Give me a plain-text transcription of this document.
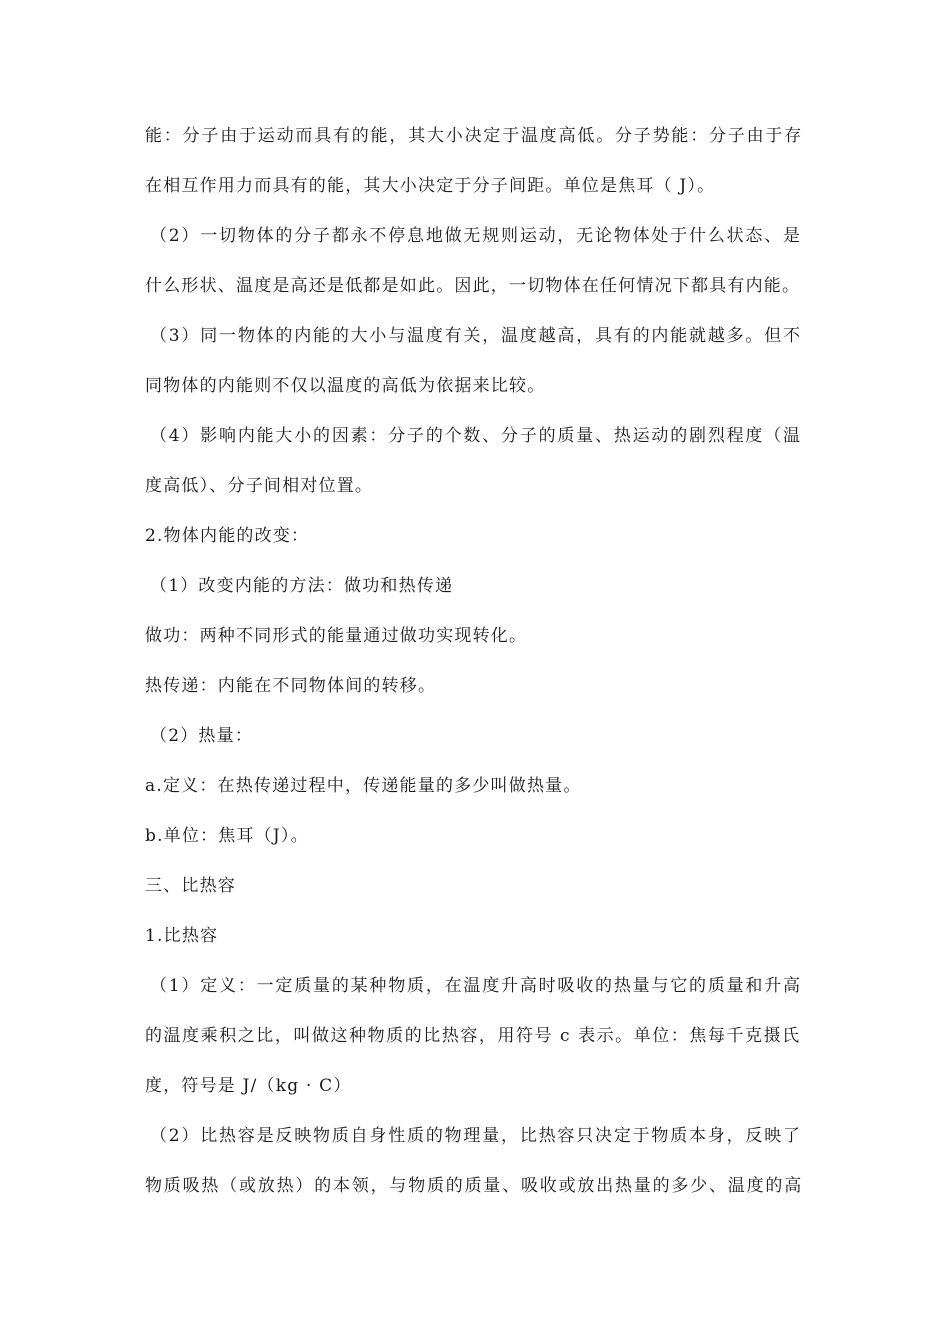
能：分子由于运动而具有的能，其大小决定于温度高低。分子势能：分子由于存
在相互作用力而具有的能，其大小决定于分子间距。单位是焦耳（ J）。
（2）一切物体的分子都永不停息地做无规则运动，无论物体处于什么状态、是
什么形状、温度是高还是低都是如此。因此，一切物体在任何情况下都具有内能。
（3）同一物体的内能的大小与温度有关，温度越高，具有的内能就越多。但不
同物体的内能则不仅以温度的高低为依据来比较。
（4）影响内能大小的因素：分子的个数、分子的质量、热运动的剧烈程度（温
度高低）、分子间相对位置。
2.物体内能的改变：
（1）改变内能的方法：做功和热传递
做功：两种不同形式的能量通过做功实现转化。
热传递：内能在不同物体间的转移。
（2）热量：
a.定义：在热传递过程中，传递能量的多少叫做热量。
b.单位：焦耳（J）。
三、比热容
1.比热容
（1）定义：一定质量的某种物质，在温度升高时吸收的热量与它的质量和升高
的温度乘积之比，叫做这种物质的比热容，用符号 c 表示。单位：焦每千克摄氏
度，符号是 J/（kg · C）
（2）比热容是反映物质自身性质的物理量，比热容只决定于物质本身，反映了
物质吸热（或放热）的本领，与物质的质量、吸收或放出热量的多少、温度的高
